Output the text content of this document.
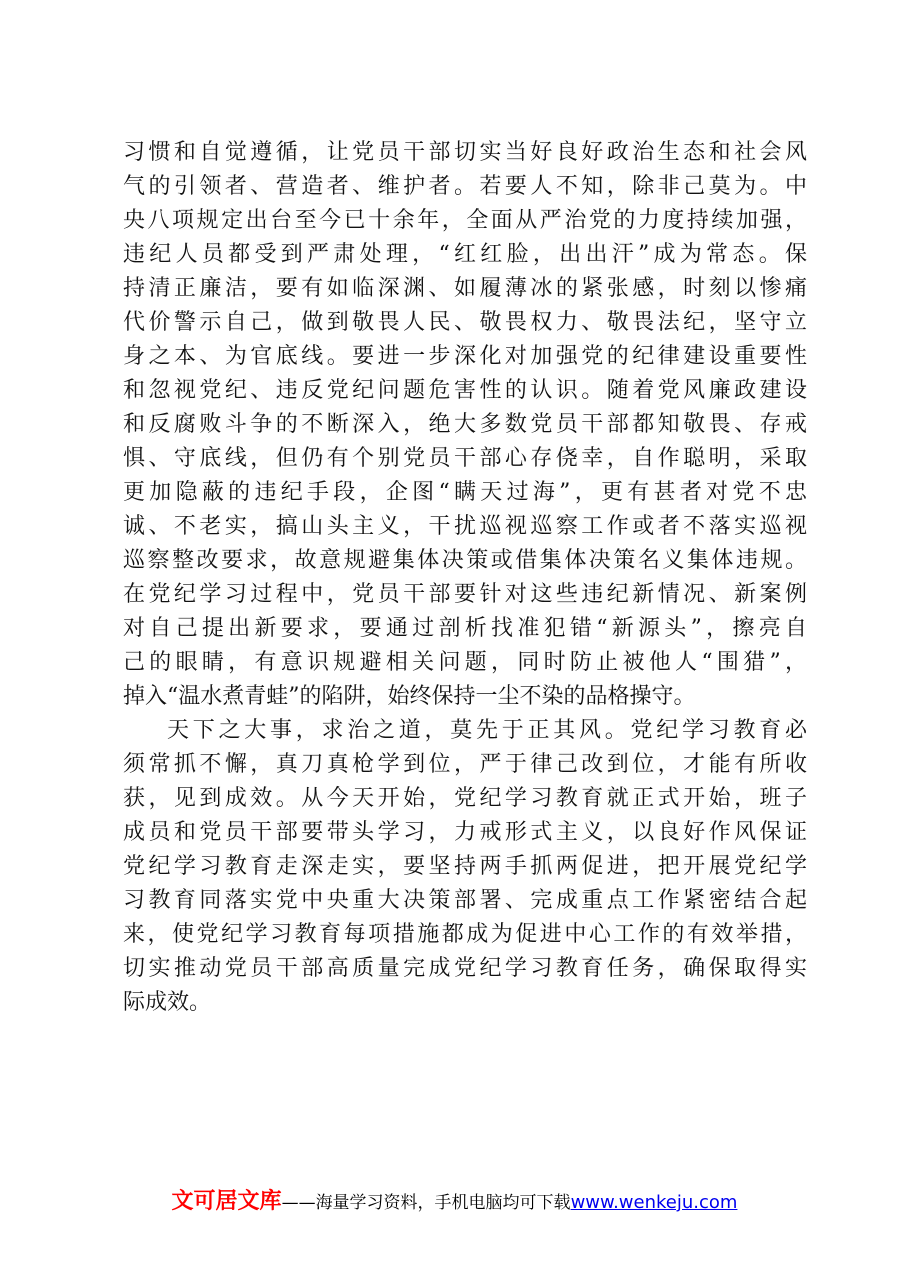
习惯和自觉遵循，让党员干部切实当好良好政治生态和社会风
气的引领者、营造者、维护者。若要人不知，除非己莫为。中
央八项规定出台至今已十余年，全面从严治党的力度持续加强，
违纪人员都受到严肃处理，“红红脸，出出汗”成为常态。保
持清正廉洁，要有如临深渊、如履薄冰的紧张感，时刻以惨痛
代价警示自己，做到敬畏人民、敬畏权力、敬畏法纪，坚守立
身之本、为官底线。要进一步深化对加强党的纪律建设重要性
和忽视党纪、违反党纪问题危害性的认识。随着党风廉政建设
和反腐败斗争的不断深入，绝大多数党员干部都知敬畏、存戒
惧、守底线，但仍有个别党员干部心存侥幸，自作聪明，采取
更加隐蔽的违纪手段，企图“瞒天过海”，更有甚者对党不忠
诚、不老实，搞山头主义，干扰巡视巡察工作或者不落实巡视
巡察整改要求，故意规避集体决策或借集体决策名义集体违规。
在党纪学习过程中，党员干部要针对这些违纪新情况、新案例
对自己提出新要求，要通过剖析找准犯错“新源头”，擦亮自
己的眼睛，有意识规避相关问题，同时防止被他人“围猎”，
掉入“温水煮青蛙”的陷阱，始终保持一尘不染的品格操守。
天下之大事，求治之道，莫先于正其风。党纪学习教育必
须常抓不懈，真刀真枪学到位，严于律己改到位，才能有所收
获，见到成效。从今天开始，党纪学习教育就正式开始，班子
成员和党员干部要带头学习，力戒形式主义，以良好作风保证
党纪学习教育走深走实，要坚持两手抓两促进，把开展党纪学
习教育同落实党中央重大决策部署、完成重点工作紧密结合起
来，使党纪学习教育每项措施都成为促进中心工作的有效举措，
切实推动党员干部高质量完成党纪学习教育任务，确保取得实
际成效。
文可居文库——海量学习资料，手机电脑均可下载www.wenkeju.com
